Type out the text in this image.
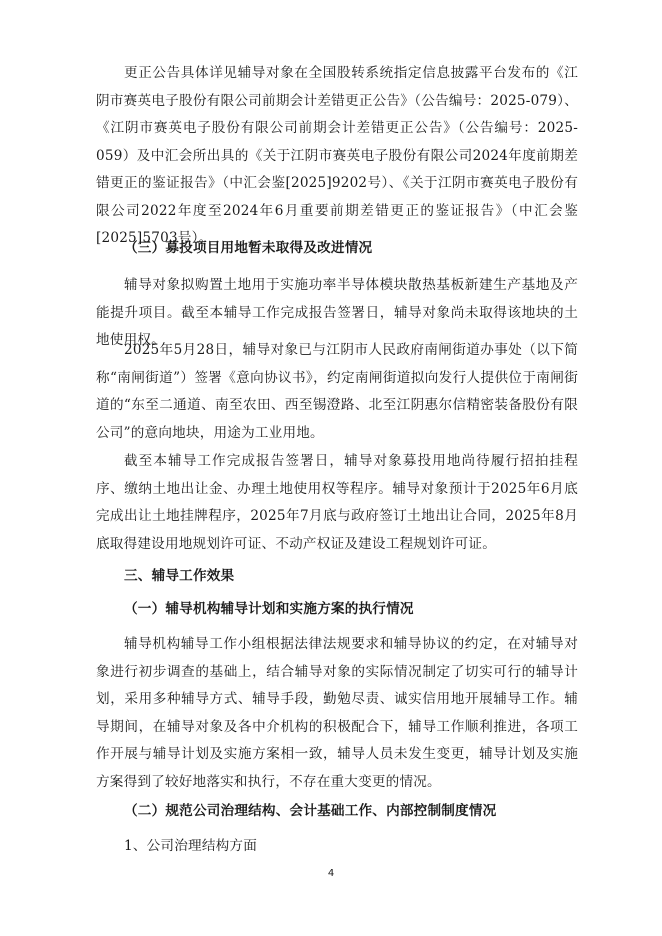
更正公告具体详见辅导对象在全国股转系统指定信息披露平台发布的《江阴市赛英电子股份有限公司前期会计差错更正公告》（公告编号：2025-079）、《江阴市赛英电子股份有限公司前期会计差错更正公告》（公告编号：2025-059）及中汇会所出具的《关于江阴市赛英电子股份有限公司2024年度前期差错更正的鉴证报告》（中汇会鉴[2025]9202号）、《关于江阴市赛英电子股份有限公司2022年度至2024年6月重要前期差错更正的鉴证报告》（中汇会鉴[2025]5703号）。

（三）募投项目用地暂未取得及改进情况

辅导对象拟购置土地用于实施功率半导体模块散热基板新建生产基地及产能提升项目。截至本辅导工作完成报告签署日，辅导对象尚未取得该地块的土地使用权。

2025年5月28日，辅导对象已与江阴市人民政府南闸街道办事处（以下简称“南闸街道”）签署《意向协议书》，约定南闸街道拟向发行人提供位于南闸街道的“东至二通道、南至农田、西至锡澄路、北至江阴惠尔信精密装备股份有限公司”的意向地块，用途为工业用地。

截至本辅导工作完成报告签署日，辅导对象募投用地尚待履行招拍挂程序、缴纳土地出让金、办理土地使用权等程序。辅导对象预计于2025年6月底完成出让土地挂牌程序，2025年7月底与政府签订土地出让合同，2025年8月底取得建设用地规划许可证、不动产权证及建设工程规划许可证。

三、辅导工作效果

（一）辅导机构辅导计划和实施方案的执行情况

辅导机构辅导工作小组根据法律法规要求和辅导协议的约定，在对辅导对象进行初步调查的基础上，结合辅导对象的实际情况制定了切实可行的辅导计划，采用多种辅导方式、辅导手段，勤勉尽责、诚实信用地开展辅导工作。辅导期间，在辅导对象及各中介机构的积极配合下，辅导工作顺利推进，各项工作开展与辅导计划及实施方案相一致，辅导人员未发生变更，辅导计划及实施方案得到了较好地落实和执行，不存在重大变更的情况。

（二）规范公司治理结构、会计基础工作、内部控制制度情况

1、公司治理结构方面

4
